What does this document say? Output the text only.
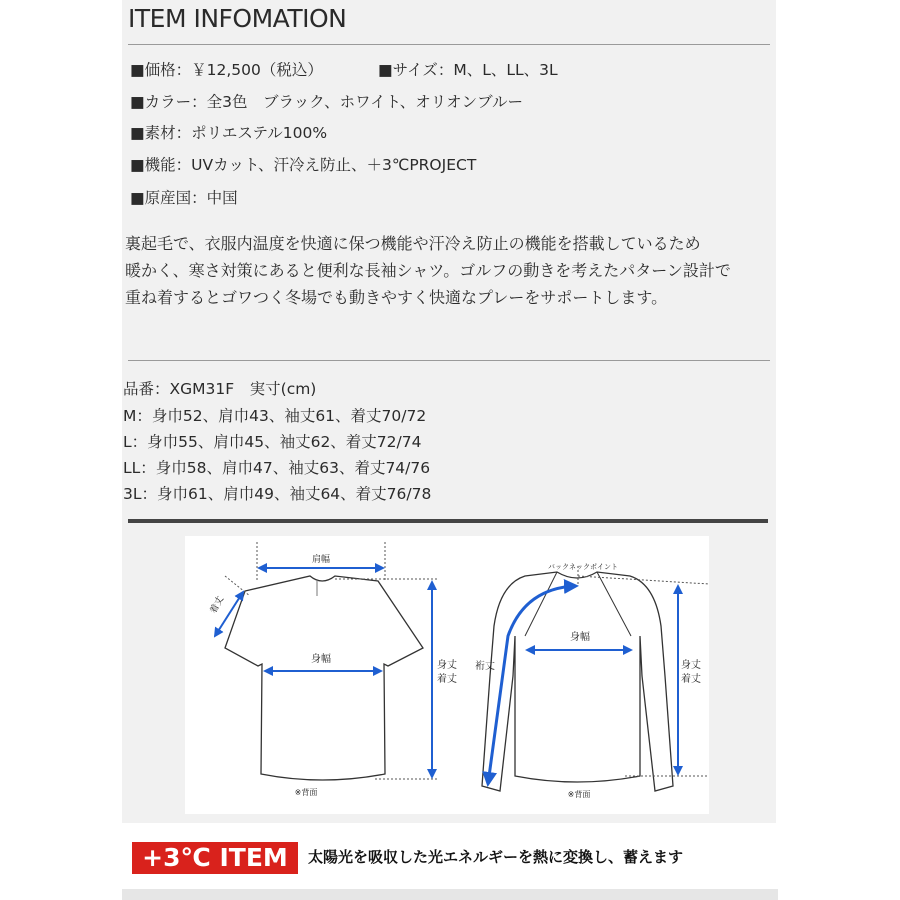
ITEM INFOMATION
■価格：￥12,500（税込）	■サイズ：M、L、LL、3L
■カラー：全3色　ブラック、ホワイト、オリオンブルー
■素材：ポリエステル100%
■機能：UVカット、汗冷え防止、＋3℃PROJECT
■原産国：中国
裏起毛で、衣服内温度を快適に保つ機能や汗冷え防止の機能を搭載しているため
暖かく、寒さ対策にあると便利な長袖シャツ。ゴルフの動きを考えたパターン設計で
重ね着するとゴワつく冬場でも動きやすく快適なプレーをサポートします。
品番：XGM31F　実寸(cm)
M：身巾52、肩巾43、袖丈61、着丈70/72
L：身巾55、肩巾45、袖丈62、着丈72/74
LL：身巾58、肩巾47、袖丈63、着丈74/76
3L：身巾61、肩巾49、袖丈64、着丈76/78
肩幅
着丈
身幅
身丈
着丈
※背面
バックネックポイント
身幅
裄丈	身丈
着丈
※背面
+3℃ ITEM	太陽光を吸収した光エネルギーを熱に変換し、蓄えます
